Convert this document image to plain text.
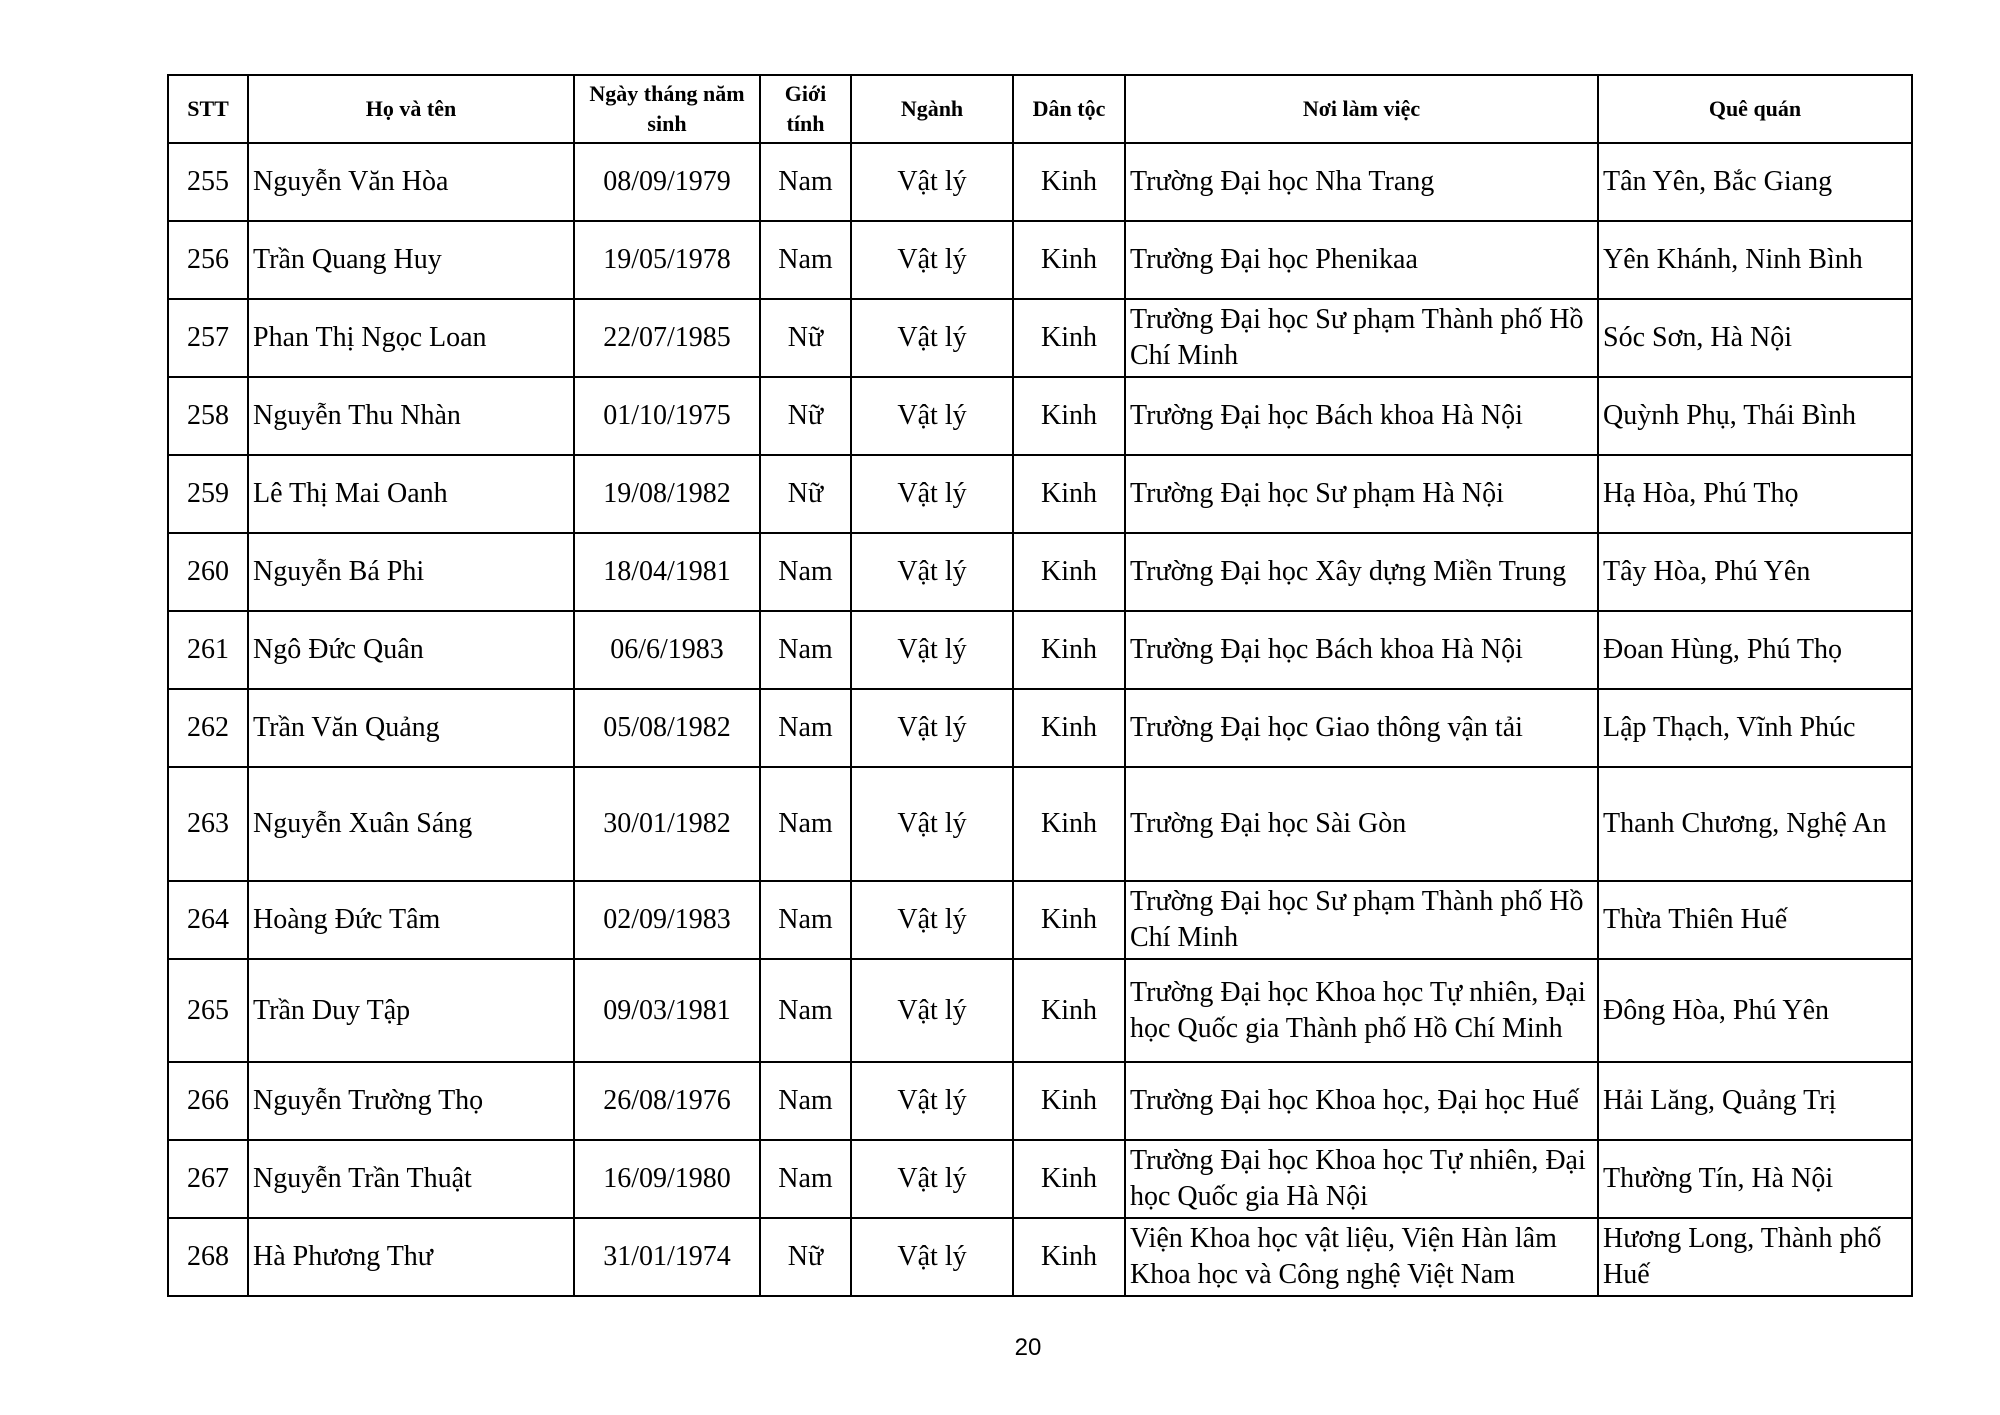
STT	Họ và tên	Ngày tháng năm sinh	Giới tính	Ngành	Dân tộc	Nơi làm việc	Quê quán
255	Nguyễn Văn Hòa	08/09/1979	Nam	Vật lý	Kinh	Trường Đại học Nha Trang	Tân Yên, Bắc Giang
256	Trần Quang Huy	19/05/1978	Nam	Vật lý	Kinh	Trường Đại học Phenikaa	Yên Khánh, Ninh Bình
257	Phan Thị Ngọc Loan	22/07/1985	Nữ	Vật lý	Kinh	Trường Đại học Sư phạm Thành phố Hồ Chí Minh	Sóc Sơn, Hà Nội
258	Nguyễn Thu Nhàn	01/10/1975	Nữ	Vật lý	Kinh	Trường Đại học Bách khoa Hà Nội	Quỳnh Phụ, Thái Bình
259	Lê Thị Mai Oanh	19/08/1982	Nữ	Vật lý	Kinh	Trường Đại học Sư phạm Hà Nội	Hạ Hòa, Phú Thọ
260	Nguyễn Bá Phi	18/04/1981	Nam	Vật lý	Kinh	Trường Đại học Xây dựng Miền Trung	Tây Hòa, Phú Yên
261	Ngô Đức Quân	06/6/1983	Nam	Vật lý	Kinh	Trường Đại học Bách khoa Hà Nội	Đoan Hùng, Phú Thọ
262	Trần Văn Quảng	05/08/1982	Nam	Vật lý	Kinh	Trường Đại học Giao thông vận tải	Lập Thạch, Vĩnh Phúc
263	Nguyễn Xuân Sáng	30/01/1982	Nam	Vật lý	Kinh	Trường Đại học Sài Gòn	Thanh Chương, Nghệ An
264	Hoàng Đức Tâm	02/09/1983	Nam	Vật lý	Kinh	Trường Đại học Sư phạm Thành phố Hồ Chí Minh	Thừa Thiên Huế
265	Trần Duy Tập	09/03/1981	Nam	Vật lý	Kinh	Trường Đại học Khoa học Tự nhiên, Đại học Quốc gia Thành phố Hồ Chí Minh	Đông Hòa, Phú Yên
266	Nguyễn Trường Thọ	26/08/1976	Nam	Vật lý	Kinh	Trường Đại học Khoa học, Đại học Huế	Hải Lăng, Quảng Trị
267	Nguyễn Trần Thuật	16/09/1980	Nam	Vật lý	Kinh	Trường Đại học Khoa học Tự nhiên, Đại học Quốc gia Hà Nội	Thường Tín, Hà Nội
268	Hà Phương Thư	31/01/1974	Nữ	Vật lý	Kinh	Viện Khoa học vật liệu, Viện Hàn lâm Khoa học và Công nghệ Việt Nam	Hương Long, Thành phố Huế
20
